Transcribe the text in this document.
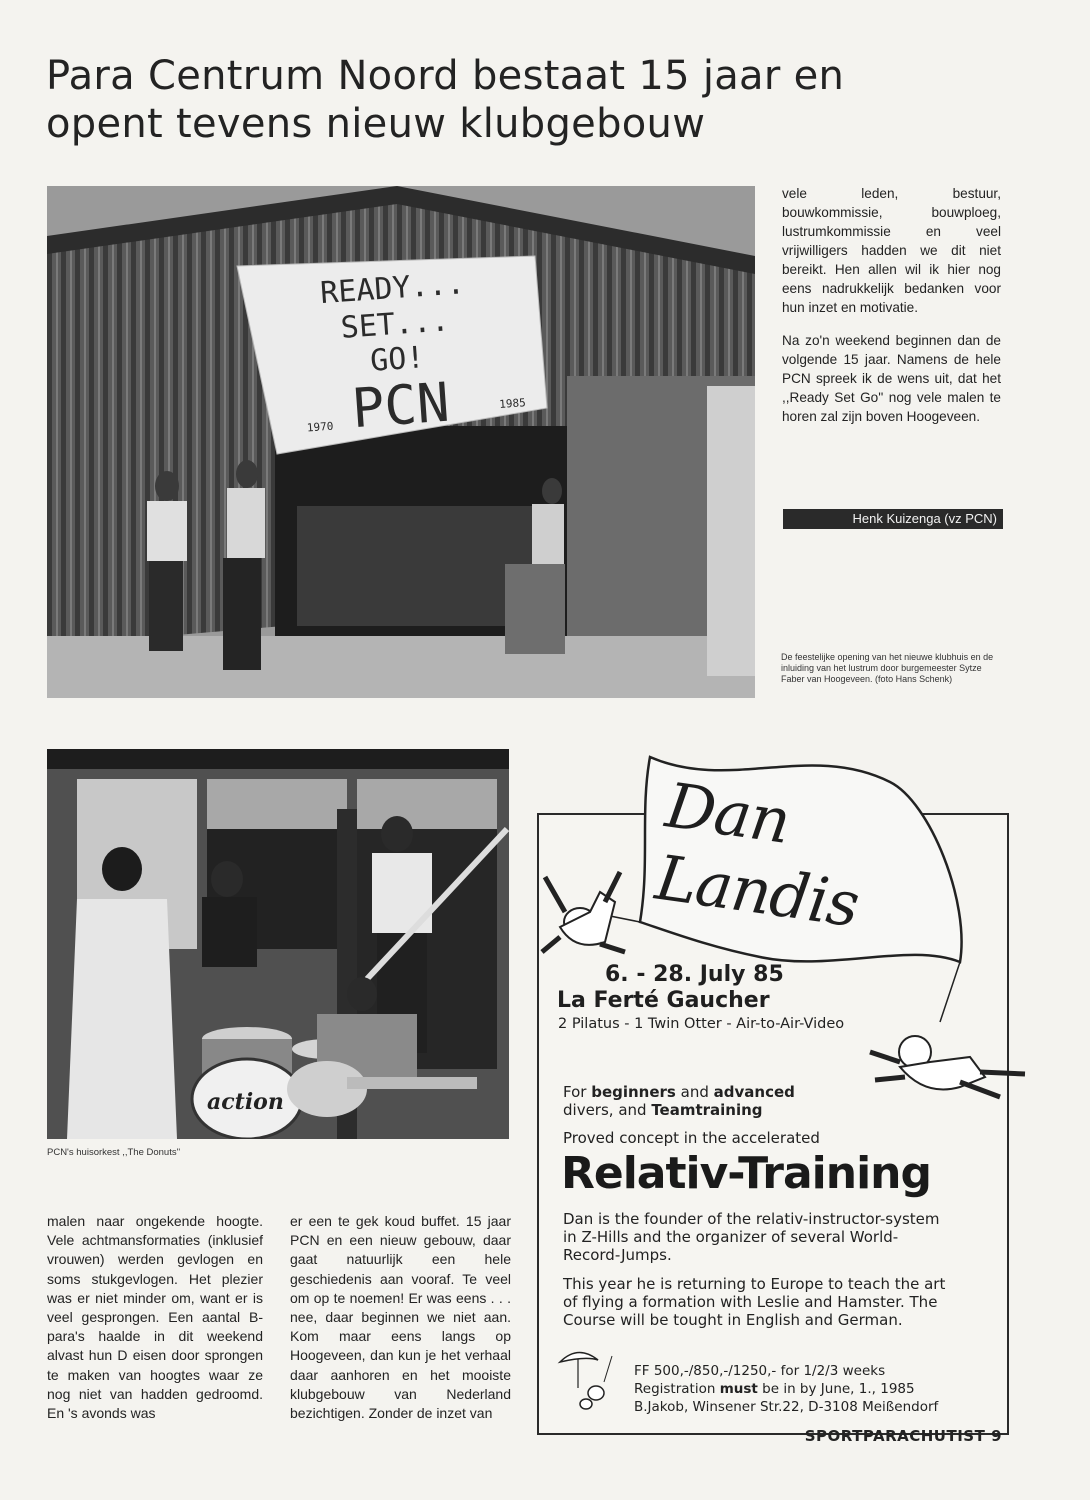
Para Centrum Noord bestaat 15 jaar en
opent tevens nieuw klubgebouw
READY... SET...
GO!
1970 PCN	1985

vele leden, bestuur, bouwkommissie, bouwploeg, lustrumkommissie en veel vrijwilligers hadden we dit niet bereikt. Hen allen wil ik hier nog eens nadrukkelijk bedanken voor hun inzet en motivatie.

Na zo'n weekend beginnen dan de volgende 15 jaar. Namens de hele PCN spreek ik de wens uit, dat het ,,Ready Set Go'' nog vele malen te horen zal zijn boven Hoogeveen.

Henk Kuizenga (vz PCN)
De feestelijke opening van het nieuwe klubhuis en de inluiding van het lustrum door burgemeester Sytze Faber van Hoogeveen. (foto Hans Schenk)
action
PCN's huisorkest ,,The Donuts''
malen naar ongekende hoogte. Vele achtmansformaties (inklusief vrouwen) werden gevlogen en soms stukgevlogen. Het plezier was er niet minder om, want er is veel gesprongen. Een aantal B-para's haalde in dit weekend alvast hun D eisen door sprongen te maken van hoogtes waar ze nog niet van hadden gedroomd. En 's avonds was
er een te gek koud buffet. 15 jaar PCN en een nieuw gebouw, daar gaat natuurlijk een hele geschiedenis aan vooraf. Te veel om op te noemen! Er was eens . . . nee, daar beginnen we niet aan. Kom maar eens langs op Hoogeveen, dan kun je het verhaal daar aanhoren en het mooiste klubgebouw van Nederland bezichtigen. Zonder de inzet van
Dan Landis
6. - 28. July 85
La Ferté Gaucher
2 Pilatus - 1 Twin Otter - Air-to-Air-Video
For beginners and advanced
divers, and Teamtraining
Proved concept in the accelerated
Relativ-Training
Dan is the founder of the relativ-instructor-system in Z-Hills and the organizer of several World-Record-Jumps.
This year he is returning to Europe to teach the art of flying a formation with Leslie and Hamster. The Course will be tought in English and German.
FF 500,-/850,-/1250,- for 1/2/3 weeks
Registration must be in by June, 1., 1985
B.Jakob, Winsener Str.22, D-3108 Meißendorf
SPORTPARACHUTIST 9
